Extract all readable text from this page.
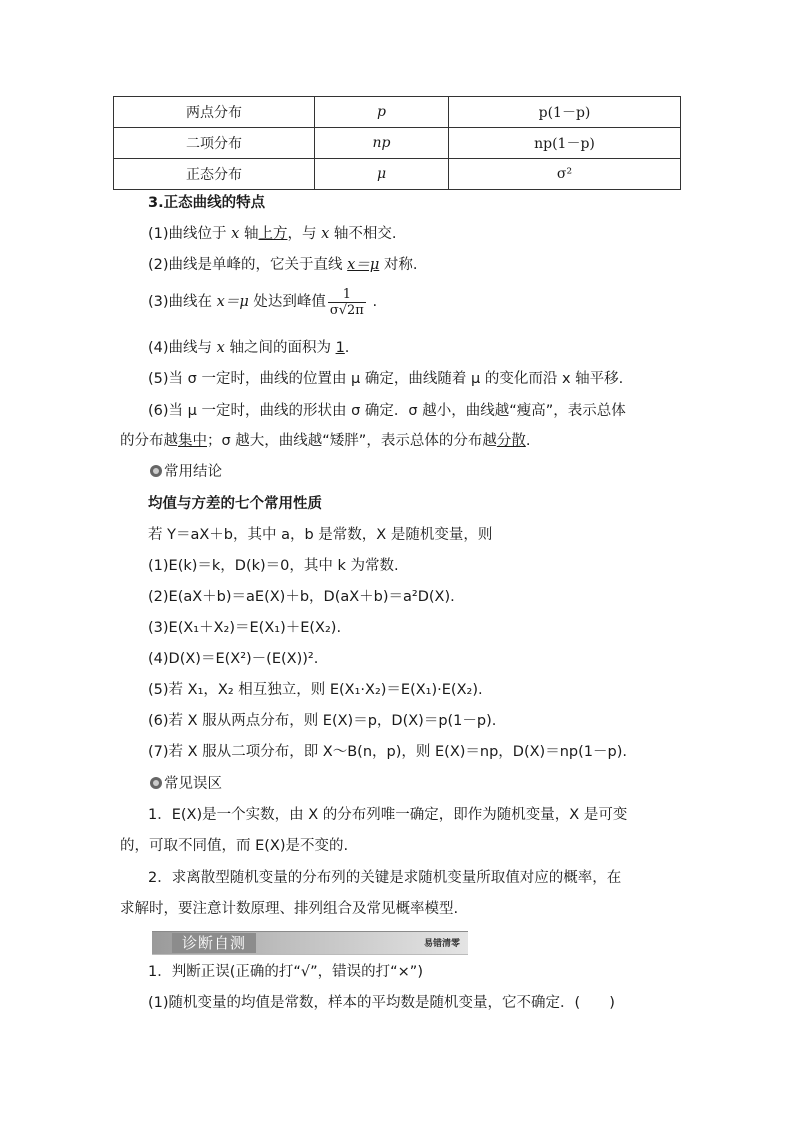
两点分布	p	p(1－p)
二项分布	np	np(1－p)
正态分布	μ	σ²
3.正态曲线的特点
(1)曲线位于 x 轴上方，与 x 轴不相交.
(2)曲线是单峰的，它关于直线 x＝μ 对称.
(3)曲线在 x＝μ 处达到峰值 $\frac{1}{\sigma√2\pi}$ .
(4)曲线与 x 轴之间的面积为 1.
(5)当 σ 一定时，曲线的位置由 μ 确定，曲线随着 μ 的变化而沿 x 轴平移.
(6)当 μ 一定时，曲线的形状由 σ 确定．σ 越小，曲线越“瘦高”，表示总体
的分布越集中；σ 越大，曲线越“矮胖”，表示总体的分布越分散.
常用结论
均值与方差的七个常用性质
若 Y＝aX＋b，其中 a，b 是常数，X 是随机变量，则
(1)E(k)＝k，D(k)＝0，其中 k 为常数.
(2)E(aX＋b)＝aE(X)＋b，D(aX＋b)＝a²D(X).
(3)E(X₁＋X₂)＝E(X₁)＋E(X₂).
(4)D(X)＝E(X²)－(E(X))².
(5)若 X₁，X₂ 相互独立，则 E(X₁·X₂)＝E(X₁)·E(X₂).
(6)若 X 服从两点分布，则 E(X)＝p，D(X)＝p(1－p).
(7)若 X 服从二项分布，即 X～B(n，p)，则 E(X)＝np，D(X)＝np(1－p).
常见误区
1．E(X)是一个实数，由 X 的分布列唯一确定，即作为随机变量，X 是可变
的，可取不同值，而 E(X)是不变的.
2．求离散型随机变量的分布列的关键是求随机变量所取值对应的概率，在
求解时，要注意计数原理、排列组合及常见概率模型.
诊断自测	易错清零
1．判断正误(正确的打“√”，错误的打“×”)
(1)随机变量的均值是常数，样本的平均数是随机变量，它不确定．(　　)
